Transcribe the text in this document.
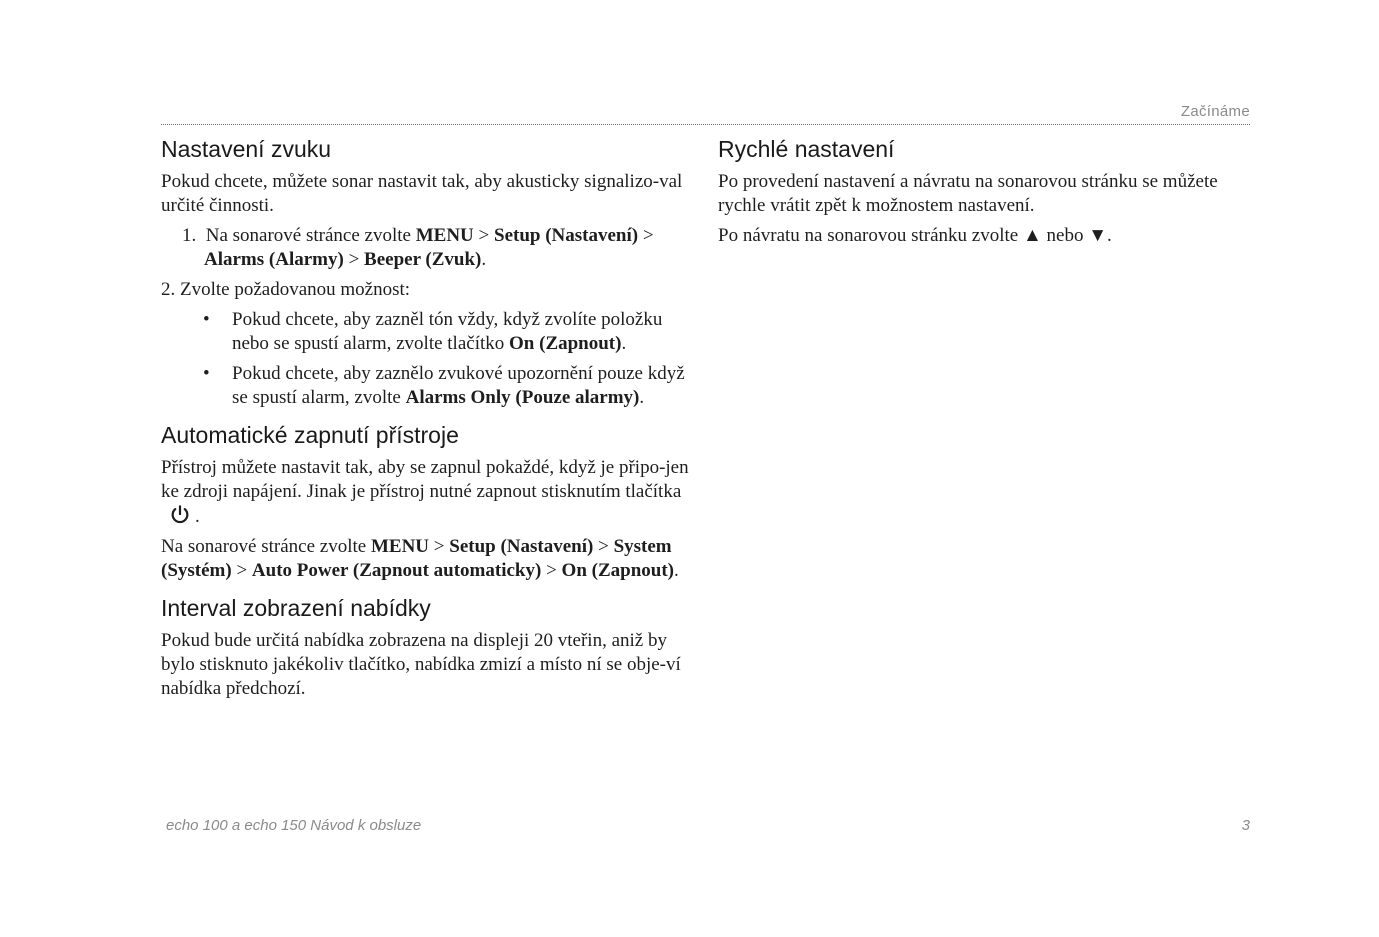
Začínáme
Nastavení zvuku

Pokud chcete, můžete sonar nastavit tak, aby akusticky signalizo-val určité činnosti.

1. Na sonarové stránce zvolte MENU > Setup (Nastavení) > Alarms (Alarmy) > Beeper (Zvuk).

2. Zvolte požadovanou možnost:

•	Pokud chcete, aby zazněl tón vždy, když zvolíte položku nebo se spustí alarm, zvolte tlačítko On (Zapnout).

•	Pokud chcete, aby zaznělo zvukové upozornění pouze když se spustí alarm, zvolte Alarms Only (Pouze alarmy).

Automatické zapnutí přístroje

Přístroj můžete nastavit tak, aby se zapnul pokaždé, když je připo-jen ke zdroji napájení. Jinak je přístroj nutné zapnout stisknutím tlačítka.

Na sonarové stránce zvolte MENU > Setup (Nastavení) > System (Systém) > Auto Power (Zapnout automaticky) > On (Zapnout).

Interval zobrazení nabídky

Pokud bude určitá nabídka zobrazena na displeji 20 vteřin, aniž by bylo stisknuto jakékoliv tlačítko, nabídka zmizí a místo ní se obje-ví nabídka předchozí.

Rychlé nastavení

Po provedení nastavení a návratu na sonarovou stránku se můžete rychle vrátit zpět k možnostem nastavení.

Po návratu na sonarovou stránku zvolte ▲ nebo ▼.

echo 100 a echo 150 Návod k obsluze	3
